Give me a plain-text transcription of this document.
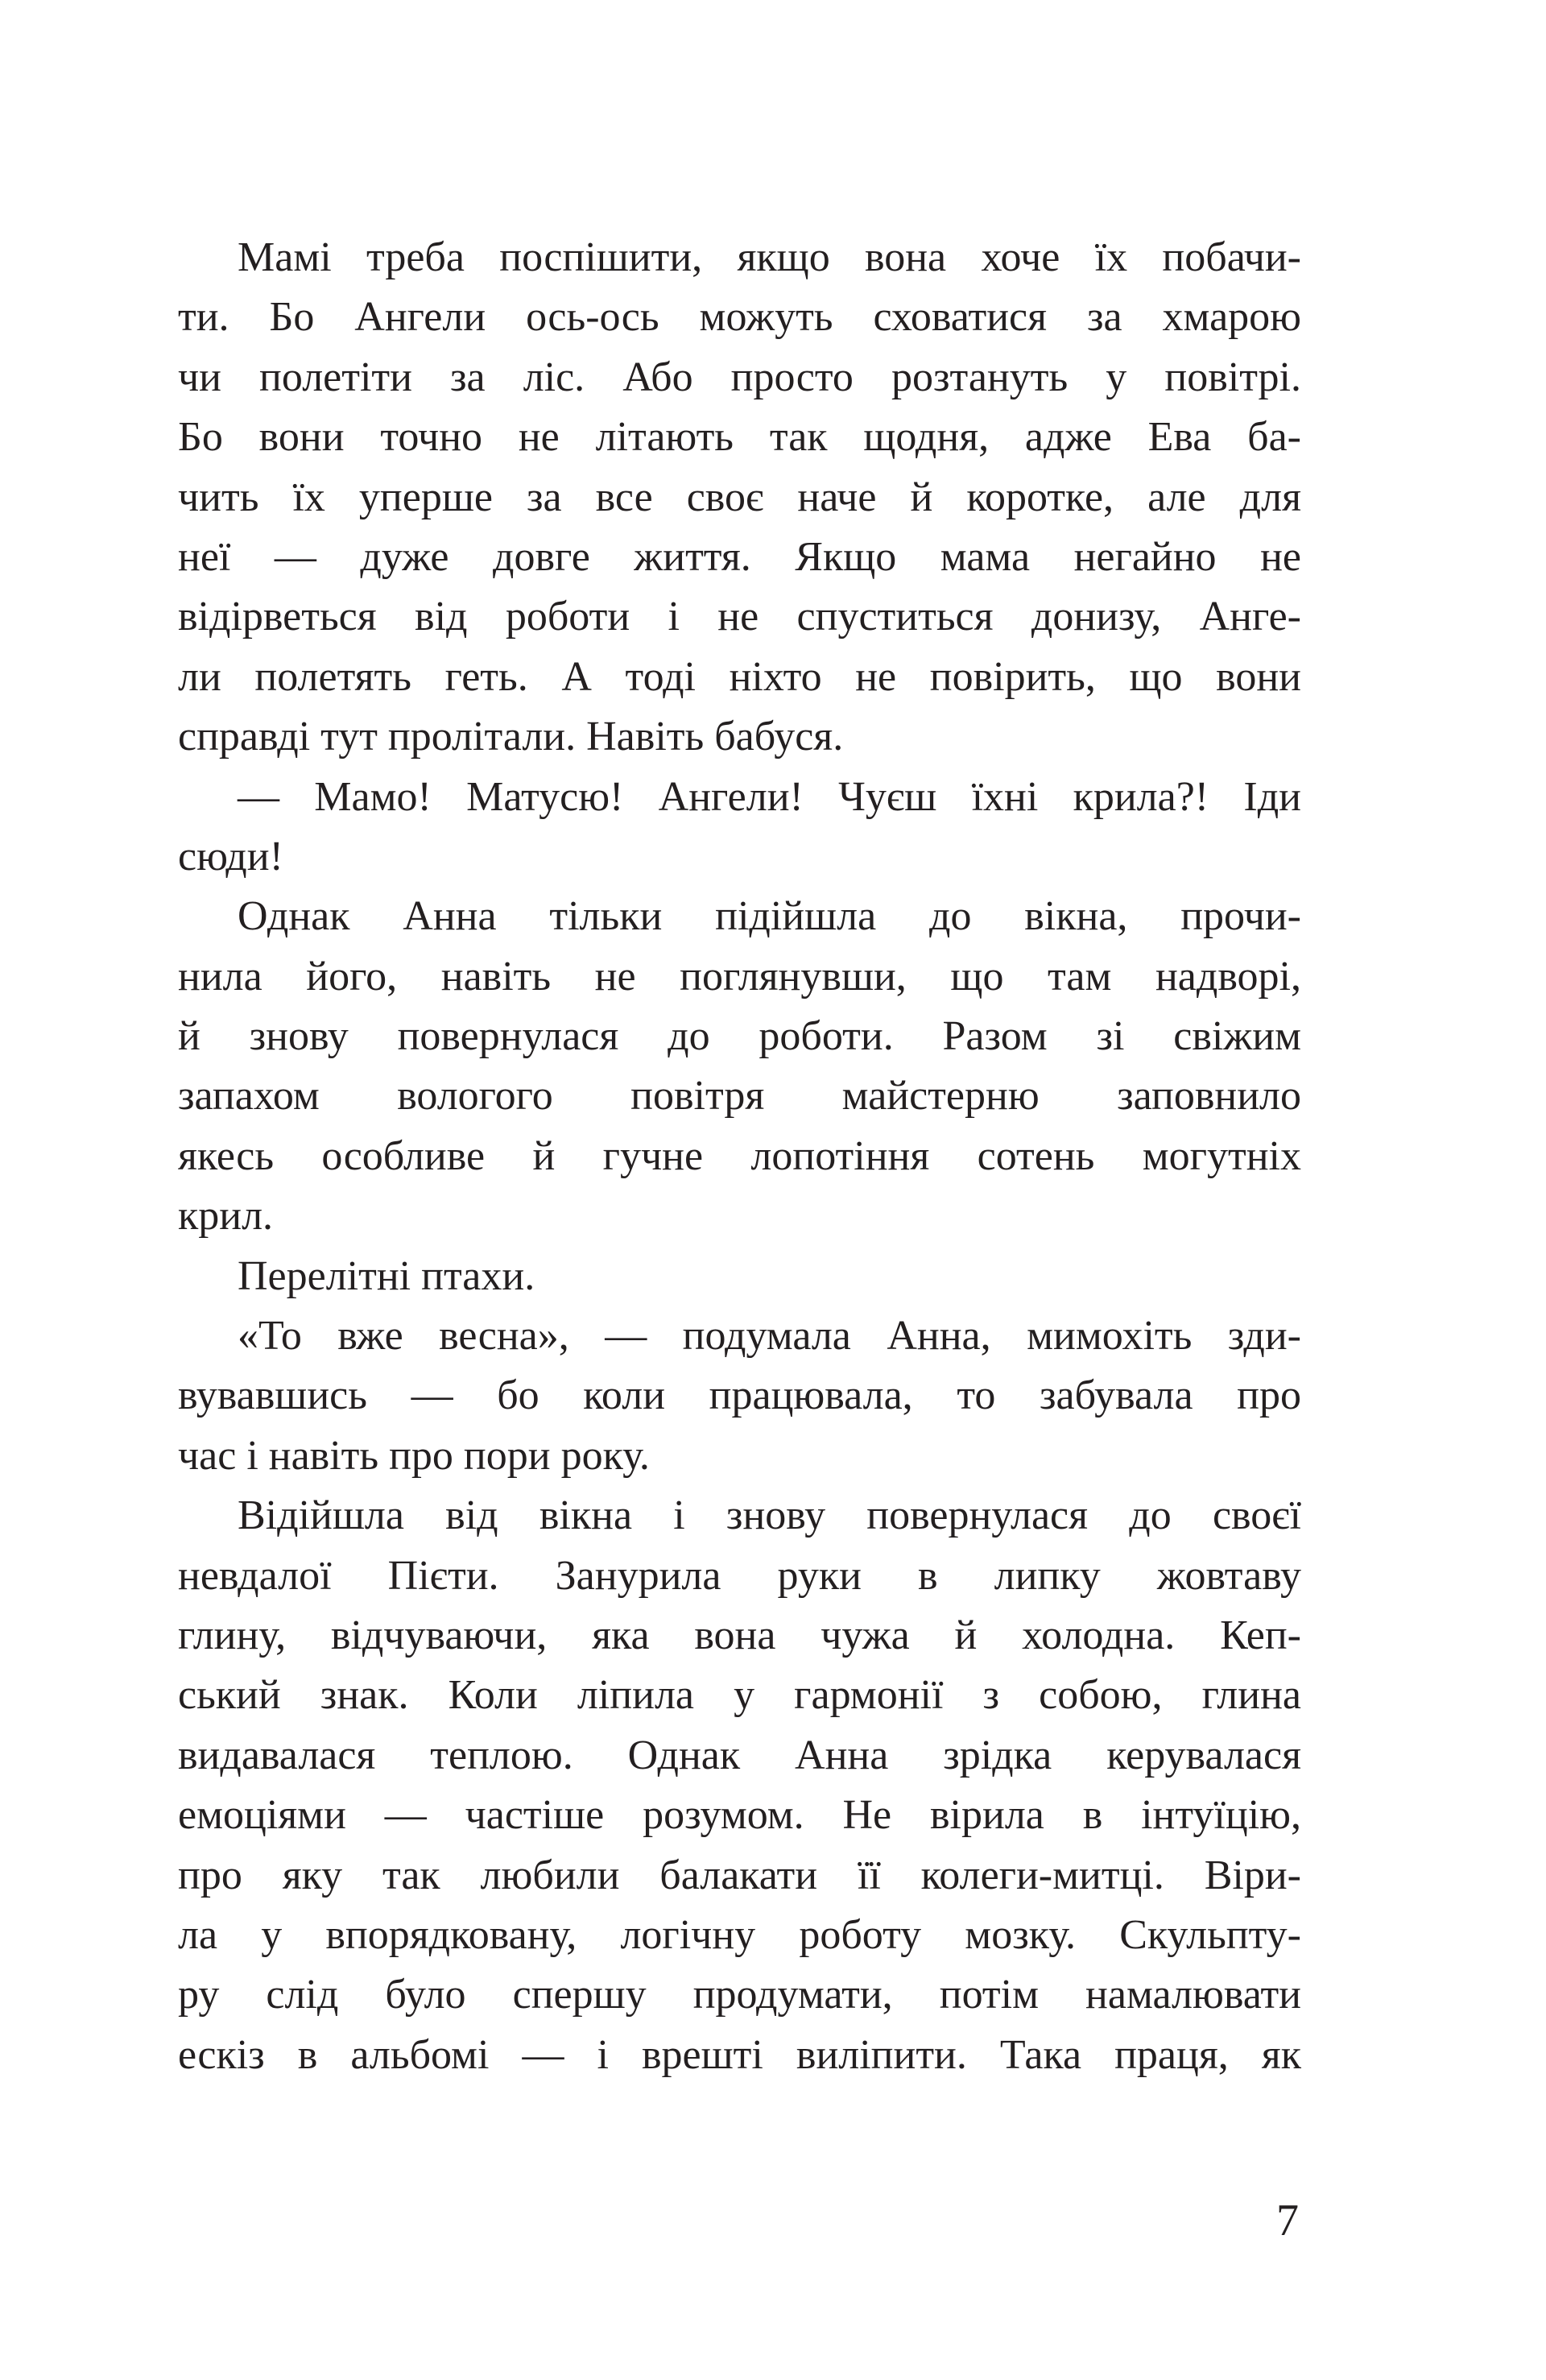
Мамі треба поспішити, якщо вона хоче їх побачи-
ти. Бо Ангели ось-ось можуть сховатися за хмарою
чи полетіти за ліс. Або просто розтануть у повітрі.
Бо вони точно не літають так щодня, адже Ева ба-
чить їх уперше за все своє наче й коротке, але для
неї — дуже довге життя. Якщо мама негайно не
відірветься від роботи і не спуститься донизу, Анге-
ли полетять геть. А тоді ніхто не повірить, що вони
справді тут пролітали. Навіть бабуся.
— Мамо! Матусю! Ангели! Чуєш їхні крила?! Іди
сюди!
Однак Анна тільки підійшла до вікна, прочи-
нила його, навіть не поглянувши, що там надворі,
й знову повернулася до роботи. Разом зі свіжим
запахом вологого повітря майстерню заповнило
якесь особливе й гучне лопотіння сотень могутніх
крил.
Перелітні птахи.
«То вже весна», — подумала Анна, мимохіть зди-
вувавшись — бо коли працювала, то забувала про
час і навіть про пори року.
Відійшла від вікна і знову повернулася до своєї
невдалої Пієти. Занурила руки в липку жовтаву
глину, відчуваючи, яка вона чужа й холодна. Кеп-
ський знак. Коли ліпила у гармонії з собою, глина
видавалася теплою. Однак Анна зрідка керувалася
емоціями — частіше розумом. Не вірила в інтуїцію,
про яку так любили балакати її колеги-митці. Віри-
ла у впорядковану, логічну роботу мозку. Скульпту-
ру слід було спершу продумати, потім намалювати
ескіз в альбомі — і врешті виліпити. Така праця, як
7
